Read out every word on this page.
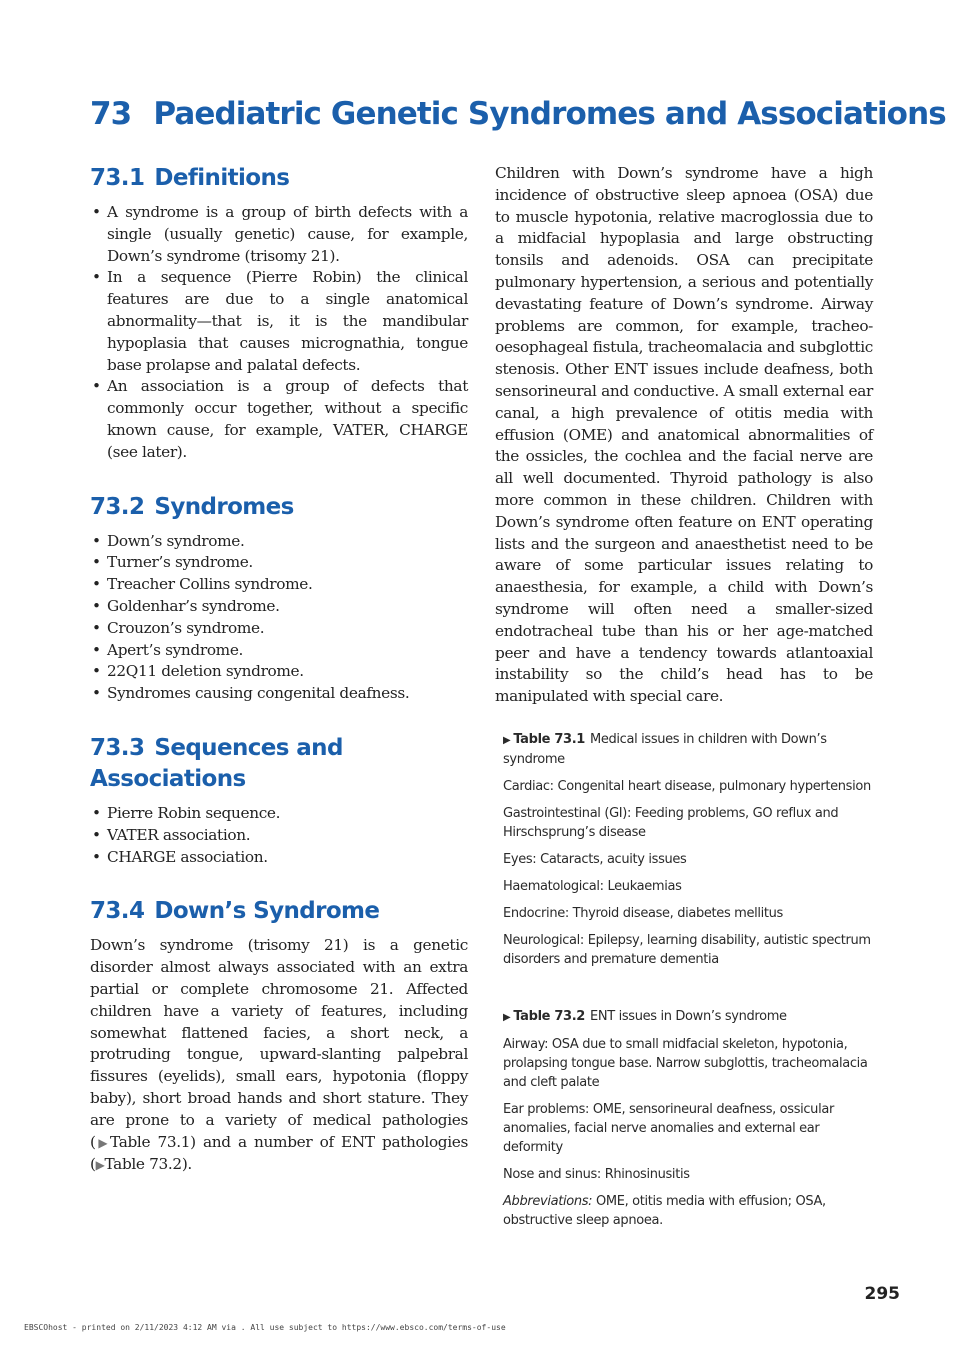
73 Paediatric Genetic Syndromes and Associations
73.1 Definitions
• A syndrome is a group of birth defects with a single (usually genetic) cause, for example, Down’s syndrome (trisomy 21).
• In a sequence (Pierre Robin) the clinical features are due to a single anatomical abnormality—that is, it is the mandibular hypoplasia that causes micrognathia, tongue base prolapse and palatal defects.
• An association is a group of defects that commonly occur together, without a specific known cause, for example, VATER, CHARGE (see later).
73.2 Syndromes
• Down’s syndrome.
• Turner’s syndrome.
• Treacher Collins syndrome.
• Goldenhar’s syndrome.
• Crouzon’s syndrome.
• Apert’s syndrome.
• 22Q11 deletion syndrome.
• Syndromes causing congenital deafness.
73.3 Sequences and
Associations
• Pierre Robin sequence.
• VATER association.
• CHARGE association.
73.4 Down’s Syndrome

Down’s syndrome (trisomy 21) is a genetic disorder almost always associated with an extra partial or complete chromosome 21. Affected children have a variety of features, including somewhat flattened facies, a short neck, a protruding tongue, upward-slanting palpebral fissures (eyelids), small ears, hypotonia (floppy baby), short broad hands and short stature. They are prone to a variety of medical pathologies (▶Table 73.1) and a number of ENT pathologies (▶Table 73.2).

Children with Down’s syndrome have a high incidence of obstructive sleep apnoea (OSA) due to muscle hypotonia, relative macroglossia due to a midfacial hypoplasia and large obstructing tonsils and adenoids. OSA can precipitate pulmonary hypertension, a serious and potentially devastating feature of Down’s syndrome. Airway problems are common, for example, tracheo-oesophageal fistula, tracheomalacia and subglottic stenosis. Other ENT issues include deafness, both sensorineural and conductive. A small external ear canal, a high prevalence of otitis media with effusion (OME) and anatomical abnormalities of the ossicles, the cochlea and the facial nerve are all well documented. Thyroid pathology is also more common in these children. Children with Down’s syndrome often feature on ENT operating lists and the surgeon and anaesthetist need to be aware of some particular issues relating to anaesthesia, for example, a child with Down’s syndrome will often need a smaller-sized endotracheal tube than his or her age-matched peer and have a tendency towards atlantoaxial instability so the child’s head has to be manipulated with special care.

▶ Table 73.1 Medical issues in children with Down’s syndrome
Cardiac: Congenital heart disease, pulmonary hypertension
Gastrointestinal (GI): Feeding problems, GO reflux and Hirschsprung’s disease
Eyes: Cataracts, acuity issues
Haematological: Leukaemias
Endocrine: Thyroid disease, diabetes mellitus
Neurological: Epilepsy, learning disability, autistic spectrum disorders and premature dementia
▶ Table 73.2 ENT issues in Down’s syndrome
Airway: OSA due to small midfacial skeleton, hypotonia, prolapsing tongue base. Narrow subglottis, tracheomalacia and cleft palate
Ear problems: OME, sensorineural deafness, ossicular anomalies, facial nerve anomalies and external ear deformity
Nose and sinus: Rhinosinusitis
Abbreviations: OME, otitis media with effusion; OSA, obstructive sleep apnoea.
295
EBSCOhost - printed on 2/11/2023 4:12 AM via . All use subject to https://www.ebsco.com/terms-of-use
